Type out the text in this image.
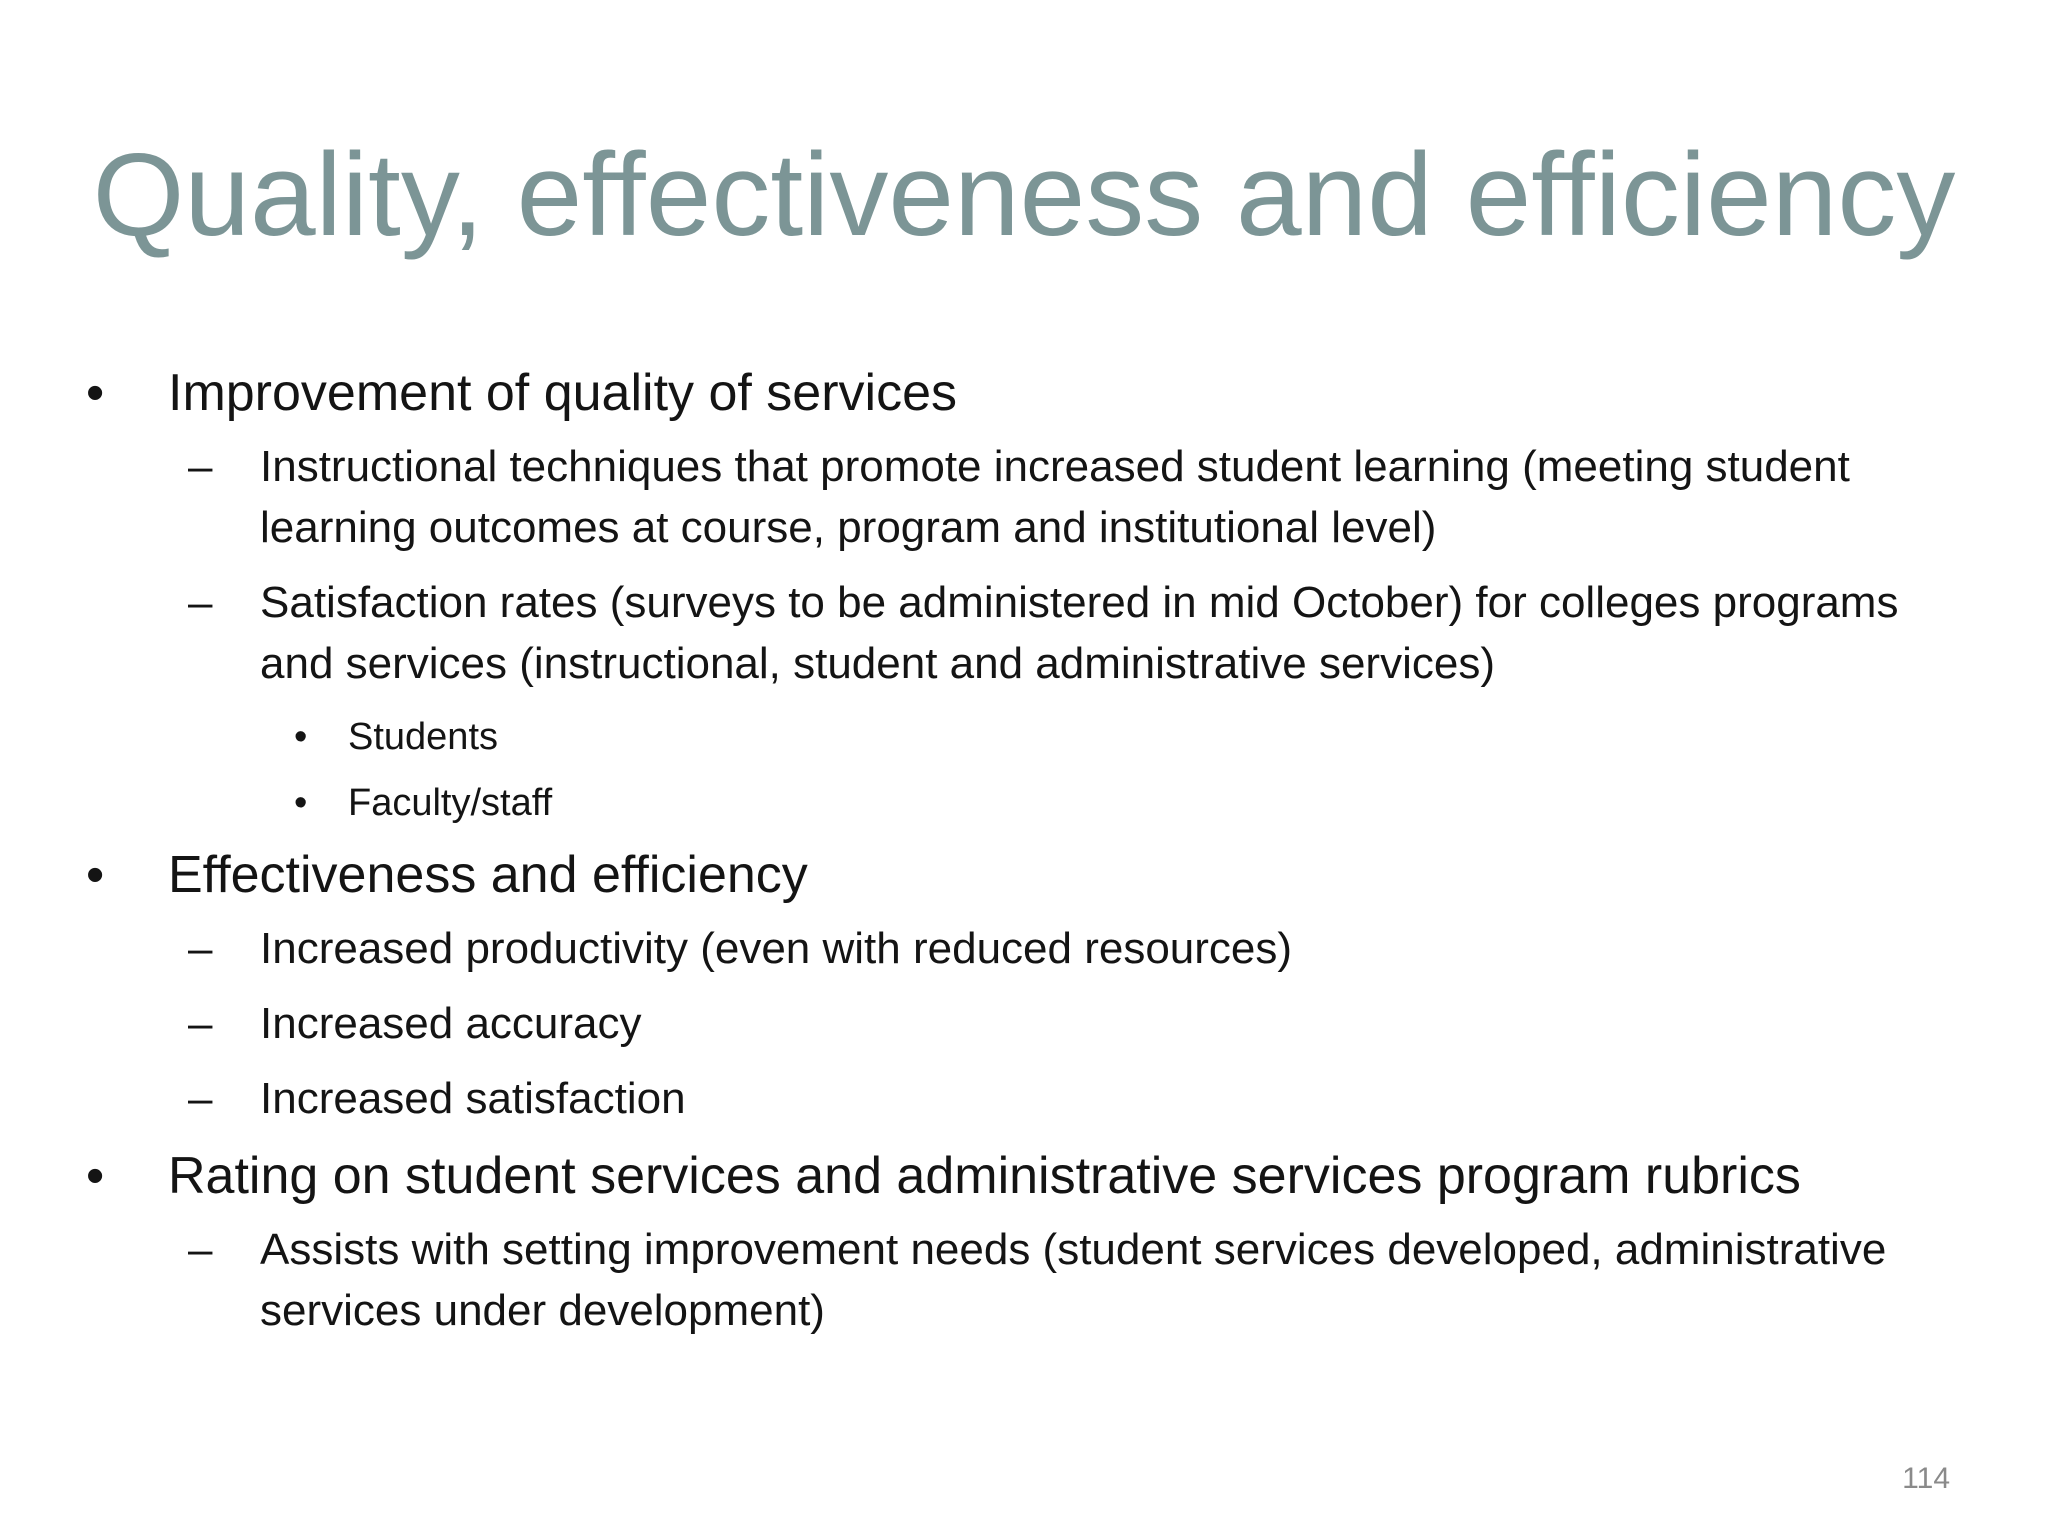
Quality, effectiveness and efficiency
• Improvement of quality of services
– Instructional techniques that promote increased student learning (meeting student learning outcomes at course, program and institutional level)
– Satisfaction rates (surveys to be administered in mid October) for colleges programs and services (instructional, student and administrative services)
• Students
• Faculty/staff
• Effectiveness and efficiency
– Increased productivity (even with reduced resources)
– Increased accuracy
– Increased satisfaction
• Rating on student services and administrative services program rubrics
– Assists with setting improvement needs (student services developed, administrative services under development)
114
